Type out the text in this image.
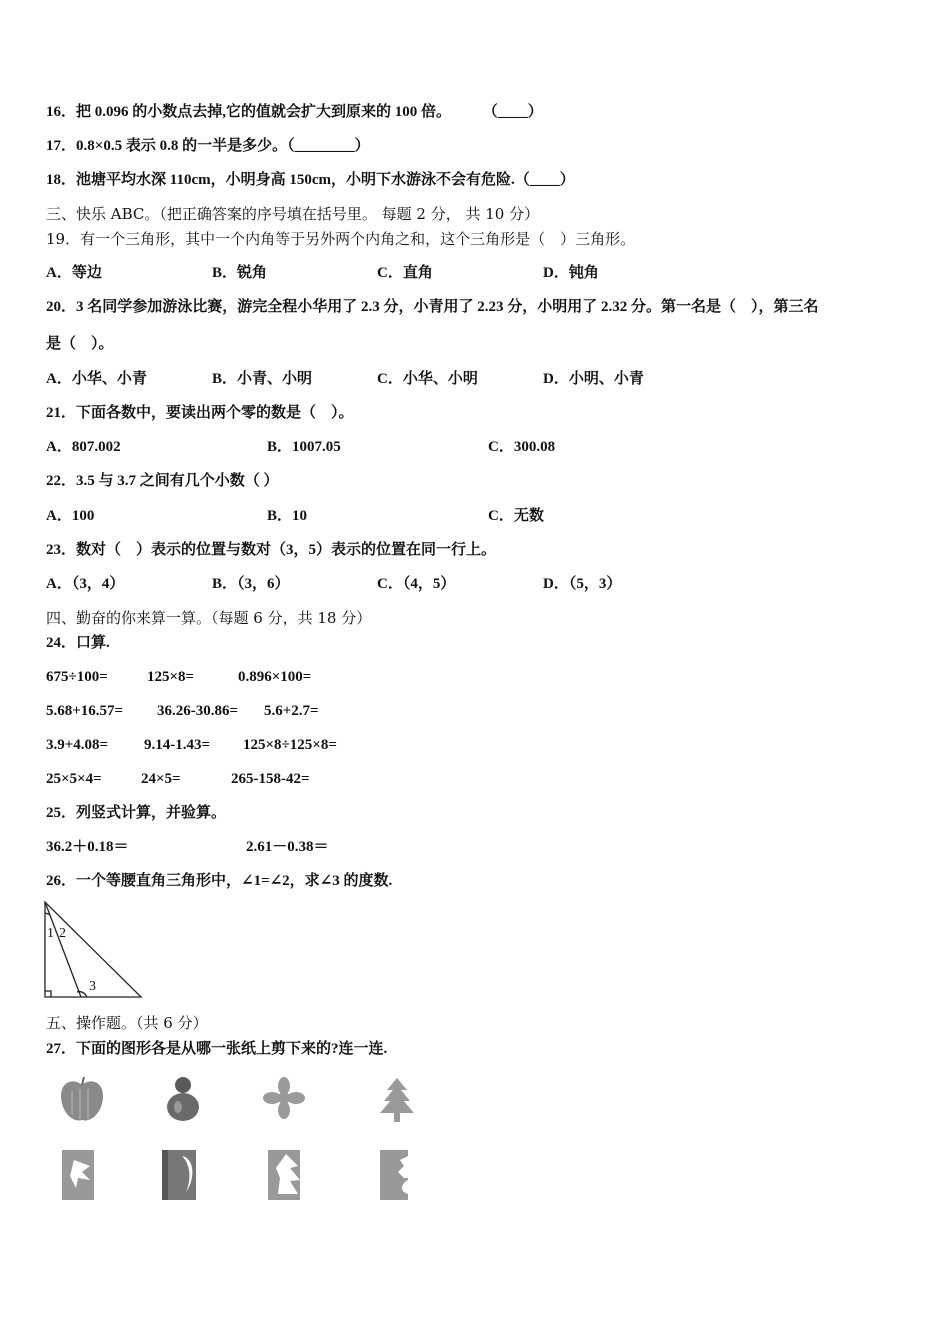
16．把 0.096 的小数点去掉,它的值就会扩大到原来的 100 倍。 （____）
17．0.8×0.5 表示 0.8 的一半是多少。（________）
18．池塘平均水深 110cm，小明身高 150cm，小明下水游泳不会有危险.（____）
三、快乐 ABC。（把正确答案的序号填在括号里。 每题 2 分， 共 10 分）
19．有一个三角形，其中一个内角等于另外两个内角之和，这个三角形是（　）三角形。
A．等边	B．锐角	C．直角	D．钝角
20．3 名同学参加游泳比赛，游完全程小华用了 2.3 分，小青用了 2.23 分，小明用了 2.32 分。第一名是（　），第三名
是（　）。
A．小华、小青	B．小青、小明	C．小华、小明	D．小明、小青
21．下面各数中，要读出两个零的数是（　）。
A．807.002	B．1007.05	C．300.08
22．3.5 与 3.7 之间有几个小数（ ）
A．100	B．10	C．无数
23．数对（　）表示的位置与数对（3，5）表示的位置在同一行上。
A．（3，4）	B．（3，6）	C．（4，5）	D．（5，3）
四、勤奋的你来算一算。（每题 6 分，共 18 分）
24．口算.
675÷100=	125×8=	0.896×100=
5.68+16.57= 36.26-30.86= 5.6+2.7=
3.9+4.08= 9.14-1.43= 125×8÷125×8=
25×5×4=	24×5=	265-158-42=
25．列竖式计算，并验算。
36.2＋0.18＝	2.61－0.38＝
26．一个等腰直角三角形中，∠1=∠2，求∠3 的度数.
1 2
3
五、操作题。（共 6 分）
27．下面的图形各是从哪一张纸上剪下来的?连一连.
